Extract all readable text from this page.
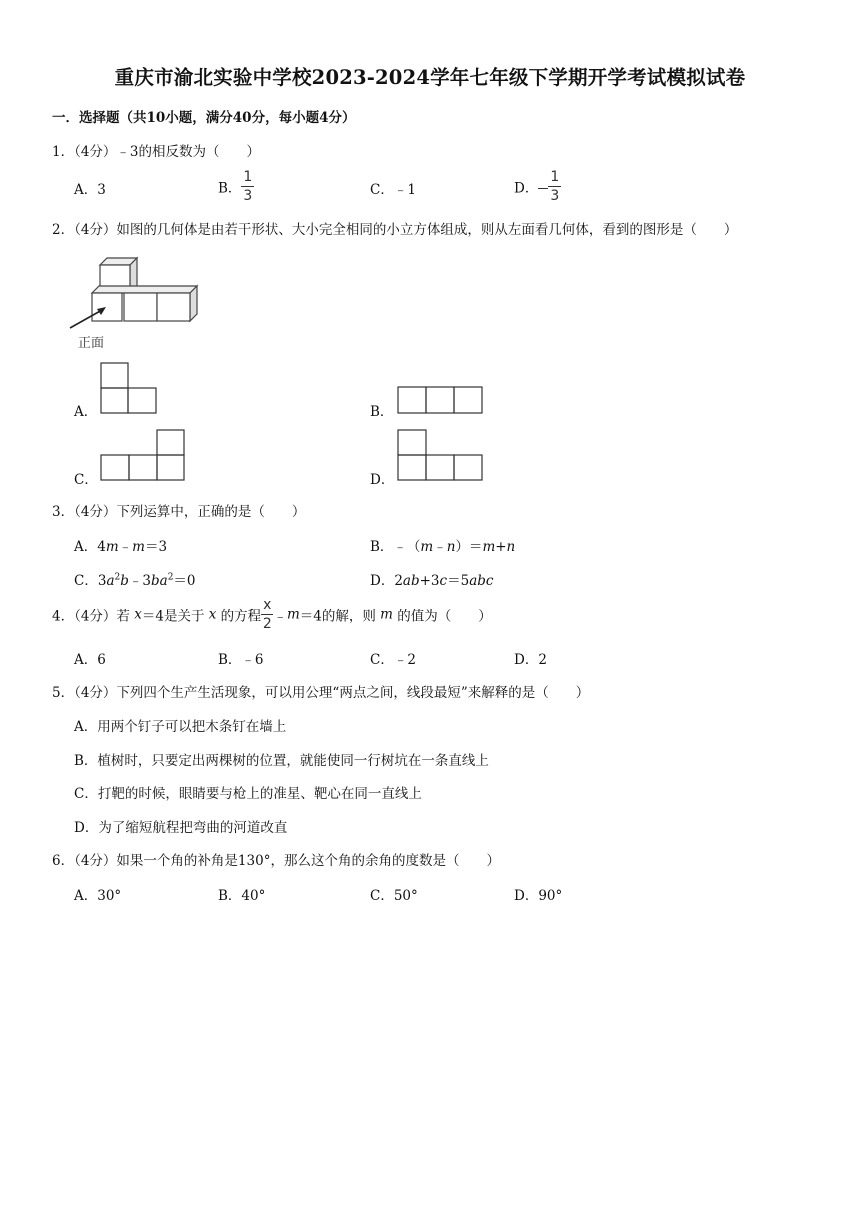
重庆市渝北实验中学校2023-2024学年七年级下学期开学考试模拟试卷
一．选择题（共10小题，满分40分，每小题4分）
1．（4分）﹣3的相反数为（　　）
A．3	B． $\frac{1}{3}$	C．﹣1	D． $\frac{1}{3}$
2．（4分）如图的几何体是由若干形状、大小完全相同的小立方体组成，则从左面看几何体，看到的图形是（　　）
正面
A．	B．
C．	D．
3．（4分）下列运算中，正确的是（　　）
A．4m﹣m＝3	B．﹣（m﹣n）＝m+n
C．$3a^2b﹣3ba^2=0$	D．2ab+3c＝5abc
4．（4分）若 x＝4是关于 x 的方程 $\frac{x}{2}$ ﹣m＝4的解，则 m 的值为（　　）
A．6	B．﹣6	C．﹣2	D．2
5．（4分）下列四个生产生活现象，可以用公理“两点之间，线段最短”来解释的是（　　）
A．用两个钉子可以把木条钉在墙上
B．植树时，只要定出两棵树的位置，就能使同一行树坑在一条直线上
C．打靶的时候，眼睛要与枪上的准星、靶心在同一直线上
D．为了缩短航程把弯曲的河道改直
6．（4分）如果一个角的补角是130°，那么这个角的余角的度数是（　　）
A．30°	B．40°	C．50°	D．90°
